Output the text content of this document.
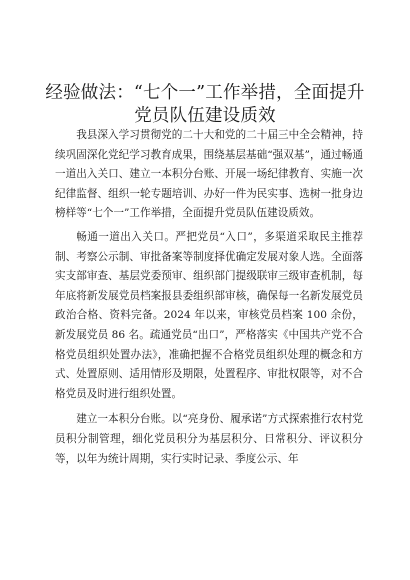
经验做法：“七个一”工作举措，全面提升党员队伍建设质效

我县深入学习贯彻党的二十大和党的二十届三中全会精神，持续巩固深化党纪学习教育成果，围绕基层基础“强双基”，通过畅通一道出入关口、建立一本积分台账、开展一场纪律教育、实施一次纪律监督、组织一轮专题培训、办好一件为民实事、选树一批身边榜样等“七个一”工作举措，全面提升党员队伍建设质效。

畅通一道出入关口。严把党员“入口”，多渠道采取民主推荐制、考察公示制、审批备案等制度择优确定发展对象人选。全面落实支部审查、基层党委预审、组织部门提级联审三级审查机制，每年底将新发展党员档案报县委组织部审核，确保每一名新发展党员政治合格、资料完备。2024 年以来，审核党员档案 100 余份，新发展党员 86 名。疏通党员“出口”，严格落实《中国共产党不合格党员组织处置办法》，准确把握不合格党员组织处理的概念和方式、处置原则、适用情形及期限，处置程序、审批权限等，对不合格党员及时进行组织处置。

建立一本积分台账。以“亮身份、履承诺”方式探索推行农村党员积分制管理，细化党员积分为基层积分、日常积分、评议积分等，以年为统计周期，实行实时记录、季度公示、年
